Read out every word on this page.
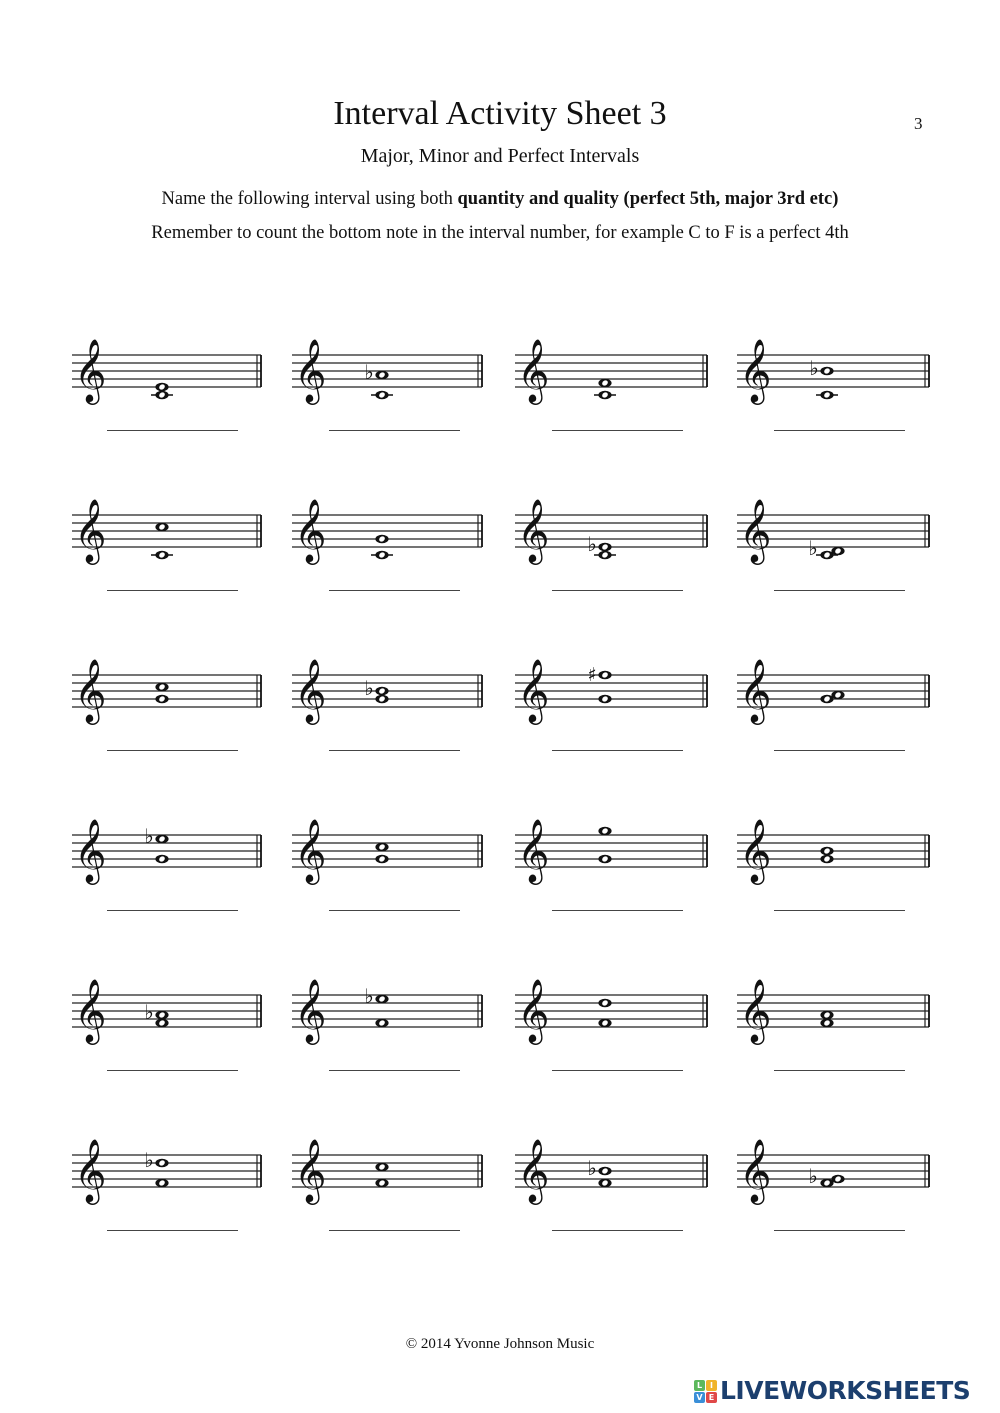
Interval Activity Sheet 3	3
Major, Minor and Perfect Intervals
Name the following interval using both quantity and quality (perfect 5th, major 3rd etc)
Remember to count the bottom note in the interval number, for example C to F is a perfect 4th
𝄞	𝄞 ♭	𝄞	𝄞 ♭
𝄞	𝄞	𝄞 ♭	𝄞 ♭
𝄞	𝄞 ♭	𝄞 ♯	𝄞
𝄞 ♭	𝄞	𝄞	𝄞
𝄞 ♭	𝄞 ♭	𝄞	𝄞
𝄞 ♭	𝄞	𝄞 ♭	𝄞 ♭
© 2014 Yvonne Johnson Music
L I
V E LIVEWORKSHEETS
